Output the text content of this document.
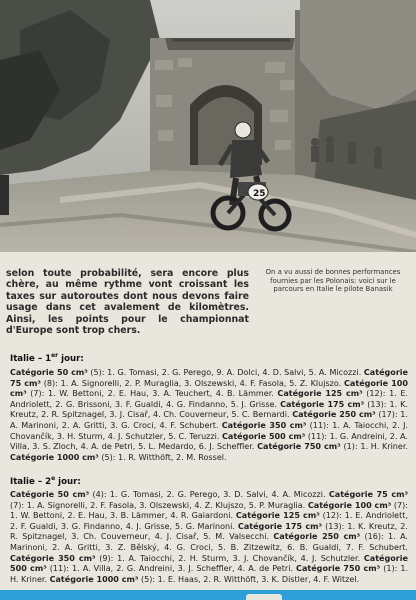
25

selon toute probabilité, sera encore plus chère, au même rythme vont croissant les taxes sur autoroutes dont nous devons faire usage dans cet avalement de kilomètres. Ainsi, les points pour le championnat d'Europe sont trop chers.

On a vu aussi de bonnes performances fournies par les Polonais: voici sur le parcours en Italie le pilote Banasik

Italie – 1er jour:
Catégorie 50 cm³ (5): 1. G. Tomasi, 2. G. Perego, 9. A. Dolci, 4. D. Salvi, 5. A. Micozzi. Catégorie 75 cm³ (8): 1. A. Signorelli, 2. P. Muraglia, 3. Olszewski, 4. F. Fasola, 5. Z. Klujszo. Catégorie 100 cm³ (7): 1. W. Bettoni, 2. E. Hau, 3. A. Teuchert, 4. B. Lämmer. Catégorie 125 cm³ (12): 1. E. Andriolett, 2. G. Brissoni, 3. F. Gualdi, 4. G. Findanno, 5. J. Grisse. Catégorie 175 cm³ (13): 1. K. Kreutz, 2. R. Spitznagel, 3. J. Cisař, 4. Ch. Couverneur, 5. C. Bernardi. Catégorie 250 cm³ (17): 1. A. Marinoni, 2. A. Gritti, 3. G. Croci, 4. F. Schubert. Catégorie 350 cm³ (11): 1. A. Taiocchi, 2. J. Chovančík, 3. H. Sturm, 4. J. Schutzler, 5. C. Teruzzi. Catégorie 500 cm³ (11): 1. G. Andreini, 2. A. Villa, 3. S. Zloch, 4. A. de Petri, 5. L. Medardo, 6. J. Scheffler. Catégorie 750 cm³ (1): 1. H. Kriner. Catégorie 1000 cm³ (5): 1. R. Witthöft, 2. M. Rossel.
Italie – 2e jour:
Catégorie 50 cm³ (4): 1. G. Tomasi, 2. G. Perego, 3. D. Salvi, 4. A. Micozzi. Catégorie 75 cm³ (7): 1. A. Signorelli, 2. F. Fasola, 3. Olszewski, 4. Z. Klujszo, 5. P. Muraglia. Catégorie 100 cm³ (7): 1. W. Bettoni, 2. E. Hau, 3. B. Lämmer, 4. R. Gaiardoni. Catégorie 125 cm³ (12): 1. E. Andriolett, 2. F. Gualdi, 3. G. Findanno, 4. J. Grisse, 5. G. Marinoni. Catégorie 175 cm³ (13): 1. K. Kreutz, 2. R. Spitznagel, 3. Ch. Couverneur, 4. J. Cisař, 5. M. Valsecchi. Catégorie 250 cm³ (16): 1. A. Marinoni, 2. A. Gritti, 3. Z. Bělský, 4. G. Croci, 5. B. Zitzewitz, 6. B. Gualdi, 7. F. Schubert. Catégorie 350 cm³ (9): 1. A. Taiocchi, 2. H. Sturm, 3. J. Chovančík, 4. J. Schutzler. Catégorie 500 cm³ (11): 1. A. Villa, 2. G. Andreini, 3. J. Scheffler, 4. A. de Petri. Catégorie 750 cm³ (1): 1. H. Kriner. Catégorie 1000 cm³ (5): 1. E. Haas, 2. R. Witthöft, 3. K. Distler, 4. F. Witzel.
